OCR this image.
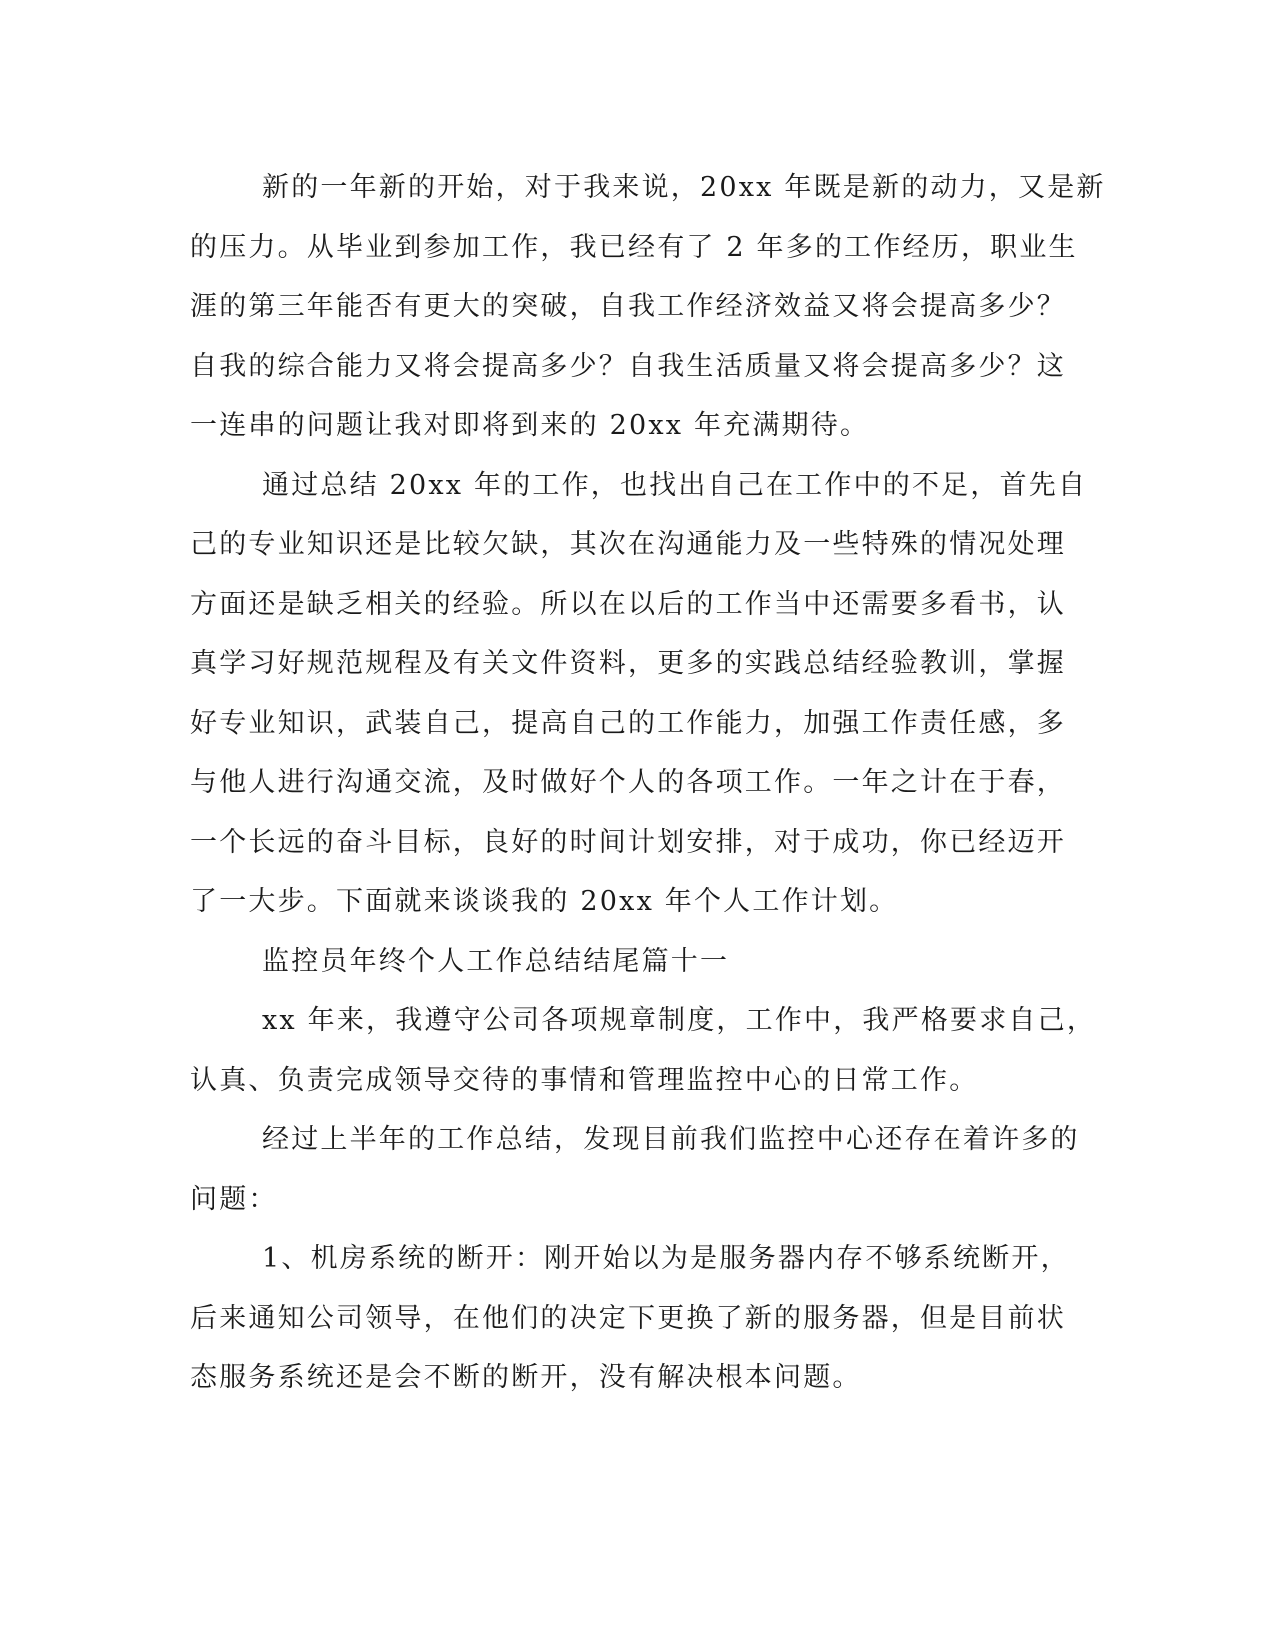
新的一年新的开始，对于我来说，20xx 年既是新的动力，又是新
的压力。从毕业到参加工作，我已经有了 2 年多的工作经历，职业生
涯的第三年能否有更大的突破，自我工作经济效益又将会提高多少？
自我的综合能力又将会提高多少？自我生活质量又将会提高多少？这
一连串的问题让我对即将到来的 20xx 年充满期待。
通过总结 20xx 年的工作，也找出自己在工作中的不足，首先自
己的专业知识还是比较欠缺，其次在沟通能力及一些特殊的情况处理
方面还是缺乏相关的经验。所以在以后的工作当中还需要多看书，认
真学习好规范规程及有关文件资料，更多的实践总结经验教训，掌握
好专业知识，武装自己，提高自己的工作能力，加强工作责任感，多
与他人进行沟通交流，及时做好个人的各项工作。一年之计在于春，
一个长远的奋斗目标，良好的时间计划安排，对于成功，你已经迈开
了一大步。下面就来谈谈我的 20xx 年个人工作计划。
监控员年终个人工作总结结尾篇十一
xx 年来，我遵守公司各项规章制度，工作中，我严格要求自己，
认真、负责完成领导交待的事情和管理监控中心的日常工作。
经过上半年的工作总结，发现目前我们监控中心还存在着许多的
问题：
1、机房系统的断开：刚开始以为是服务器内存不够系统断开，
后来通知公司领导，在他们的决定下更换了新的服务器，但是目前状
态服务系统还是会不断的断开，没有解决根本问题。
